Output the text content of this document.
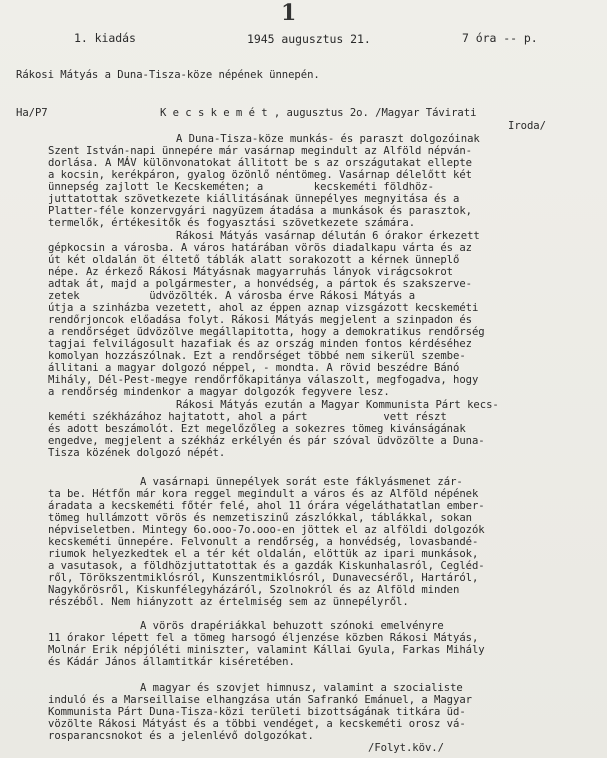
1
1. kiadás	1945 augusztus 21.	7 óra -- p.
Rákosi Mátyás a Duna-Tisza-köze népének ünnepén.
Ha/P7	K e c s k e m é t , augusztus 2o. /Magyar Távirati
Iroda/
A Duna-Tisza-köze munkás- és paraszt dolgozóinak
Szent István-napi ünnepére már vasárnap megindult az Alföld népván-
dorlása. A MÁV különvonatokat állitott be s az országutakat ellepte
a kocsin, kerékpáron, gyalog özönlő néntömeg. Vasárnap délelőtt két
ünnepség zajlott le Kecskeméten; a        kecskeméti földhöz-
juttatottak szövetkezete kiállitásának ünnepélyes megnyitása és a
Platter-féle konzervgyári nagyüzem átadása a munkások és parasztok,
termelők, értékesitők és fogyasztási szövetkezete számára.
Rákosi Mátyás vasárnap délután 6 órakor érkezett
gépkocsin a városba. A város határában vörös diadalkapu várta és az
út két oldalán öt éltető táblák alatt sorakozott a kérnek ünneplő
népe. Az érkező Rákosi Mátyásnak magyarruhás lányok virágcsokrot
adtak át, majd a polgármester, a honvédség, a pártok és szakszerve-
zetek           üdvözölték. A városba érve Rákosi Mátyás a
útja a szinházba vezetett, ahol az éppen aznap vizsgázott kecskeméti
rendőrjoncok előadása folyt. Rákosi Mátyás megjelent a szinpadon és
a rendőrséget üdvözölve megállapitotta, hogy a demokratikus rendőrség
tagjai felvilágosult hazafiak és az ország minden fontos kérdéséhez
komolyan hozzászólnak. Ezt a rendőrséget többé nem sikerül szembe-
állitani a magyar dolgozó néppel, - mondta. A rövid beszédre Bánó
Mihály, Dél-Pest-megye rendőrfőkapitánya válaszolt, megfogadva, hogy
a rendőrség mindenkor a magyar dolgozók fegyvere lesz.
Rákosi Mátyás ezután a Magyar Kommunista Párt kecs-
keméti székházához hajtatott, ahol a párt            vett részt
és adott beszámolót. Ezt megelőzőleg a sokezres tömeg kivánságának
engedve, megjelent a székház erkélyén és pár szóval üdvözölte a Duna-
Tisza közének dolgozó népét.
A vasárnapi ünnepélyek sorát este fáklyásmenet zár-
ta be. Hétfőn már kora reggel megindult a város és az Alföld népének
áradata a kecskeméti főtér felé, ahol 11 órára végeláthatatlan ember-
tömeg hullámzott vörös és nemzetiszinű zászlókkal, táblákkal, sokan
népviseletben. Mintegy 6o.ooo-7o.ooo-en jöttek el az alföldi dolgozók
kecskeméti ünnepére. Felvonult a rendőrség, a honvédség, lovasbandé-
riumok helyezkedtek el a tér két oldalán, elöttük az ipari munkások,
a vasutasok, a földhözjuttatottak és a gazdák Kiskunhalasról, Cegléd-
ről, Törökszentmiklósról, Kunszentmiklósról, Dunavecséről, Hartáról,
Nagykőrösről, Kiskunfélegyházáról, Szolnokról és az Alföld minden
részéből. Nem hiányzott az értelmiség sem az ünnepélyről.
A vörös drapériákkal behuzott szónoki emelvényre
11 órakor lépett fel a tömeg harsogó éljenzése közben Rákosi Mátyás,
Molnár Erik népjóléti miniszter, valamint Kállai Gyula, Farkas Mihály
és Kádár János államtitkár kiséretében.
A magyar és szovjet himnusz, valamint a szocialiste
induló és a Marseillaise elhangzása után Safrankó Emánuel, a Magyar
Kommunista Párt Duna-Tisza-közi területi bizottságának titkára üd-
vözölte Rákosi Mátyást és a többi vendéget, a kecskeméti orosz vá-
rosparancsnokot és a jelenlévő dolgozókat.
/Folyt.köv./
